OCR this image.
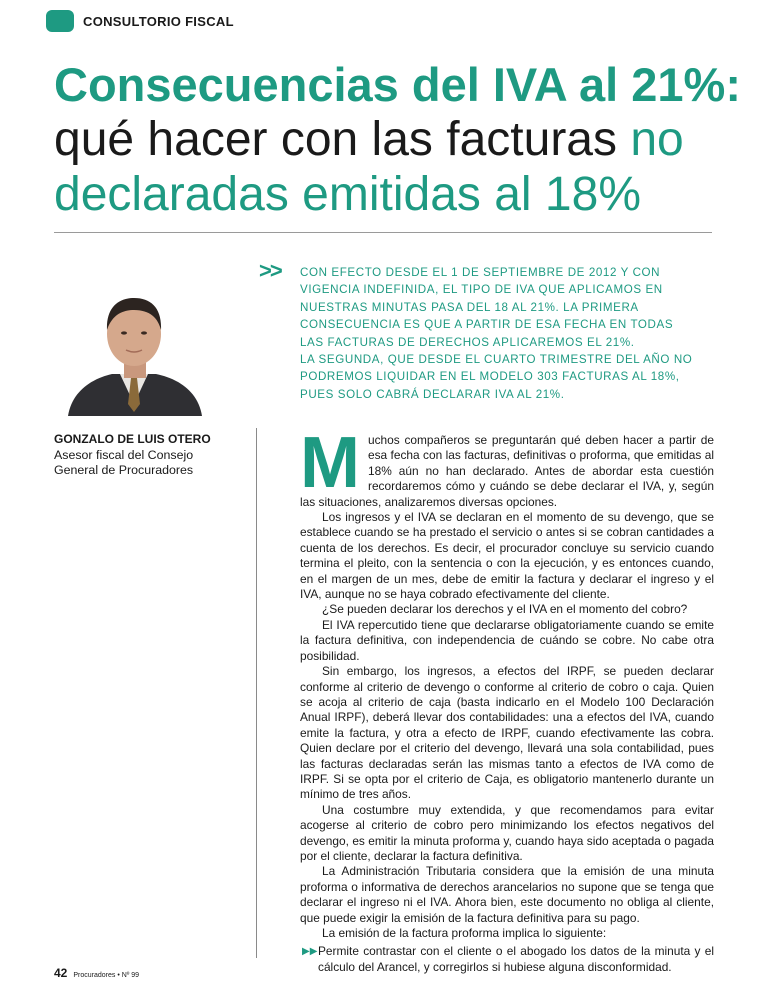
CONSULTORIO FISCAL
Consecuencias del IVA al 21%:
qué hacer con las facturas no
declaradas emitidas al 18%
>> CON EFECTO DESDE EL 1 DE SEPTIEMBRE DE 2012 Y CON
VIGENCIA INDEFINIDA, EL TIPO DE IVA QUE APLICAMOS EN
NUESTRAS MINUTAS PASA DEL 18 AL 21%. LA PRIMERA
CONSECUENCIA ES QUE A PARTIR DE ESA FECHA EN TODAS
LAS FACTURAS DE DERECHOS APLICAREMOS EL 21%.
LA SEGUNDA, QUE DESDE EL CUARTO TRIMESTRE DEL AÑO NO
PODREMOS LIQUIDAR EN EL MODELO 303 FACTURAS AL 18%,
PUES SOLO CABRÁ DECLARAR IVA AL 21%.
GONZALO DE LUIS OTERO
Asesor fiscal del Consejo
General de Procuradores	Muchos compañeros se preguntarán qué deben hacer a partir de esa fecha con las facturas, definitivas o proforma, que emitidas al 18% aún no han declarado. Antes de abordar esta cuestión recordaremos cómo y cuándo se debe declarar el IVA, y, según las situaciones, analizaremos diversas opciones.

Los ingresos y el IVA se declaran en el momento de su devengo, que se establece cuando se ha prestado el servicio o antes si se cobran cantidades a cuenta de los derechos. Es decir, el procurador concluye su servicio cuando termina el pleito, con la sentencia o con la ejecución, y es entonces cuando, en el margen de un mes, debe de emitir la factura y declarar el ingreso y el IVA, aunque no se haya cobrado efectivamente del cliente.

¿Se pueden declarar los derechos y el IVA en el momento del cobro?

El IVA repercutido tiene que declararse obligatoriamente cuando se emite la factura definitiva, con independencia de cuándo se cobre. No cabe otra posibilidad.

Sin embargo, los ingresos, a efectos del IRPF, se pueden declarar conforme al criterio de devengo o conforme al criterio de cobro o caja. Quien se acoja al criterio de caja (basta indicarlo en el Modelo 100 Declaración Anual IRPF), deberá llevar dos contabilidades: una a efectos del IVA, cuando emite la factura, y otra a efecto de IRPF, cuando efectivamente las cobra. Quien declare por el criterio del devengo, llevará una sola contabilidad, pues las facturas declaradas serán las mismas tanto a efectos de IVA como de IRPF. Si se opta por el criterio de Caja, es obligatorio mantenerlo durante un mínimo de tres años.

Una costumbre muy extendida, y que recomendamos para evitar acogerse al criterio de cobro pero minimizando los efectos negativos del devengo, es emitir la minuta proforma y, cuando haya sido aceptada o pagada por el cliente, declarar la factura definitiva.

La Administración Tributaria considera que la emisión de una minuta proforma o informativa de derechos arancelarios no supone que se tenga que declarar el ingreso ni el IVA. Ahora bien, este documento no obliga al cliente, que puede exigir la emisión de la factura definitiva para su pago.

La emisión de la factura proforma implica lo siguiente:

▶▶ Permite contrastar con el cliente o el abogado los datos de la minuta y el cálculo del Arancel, y corregirlos si hubiese alguna disconformidad.
42 Procuradores • Nº 99
